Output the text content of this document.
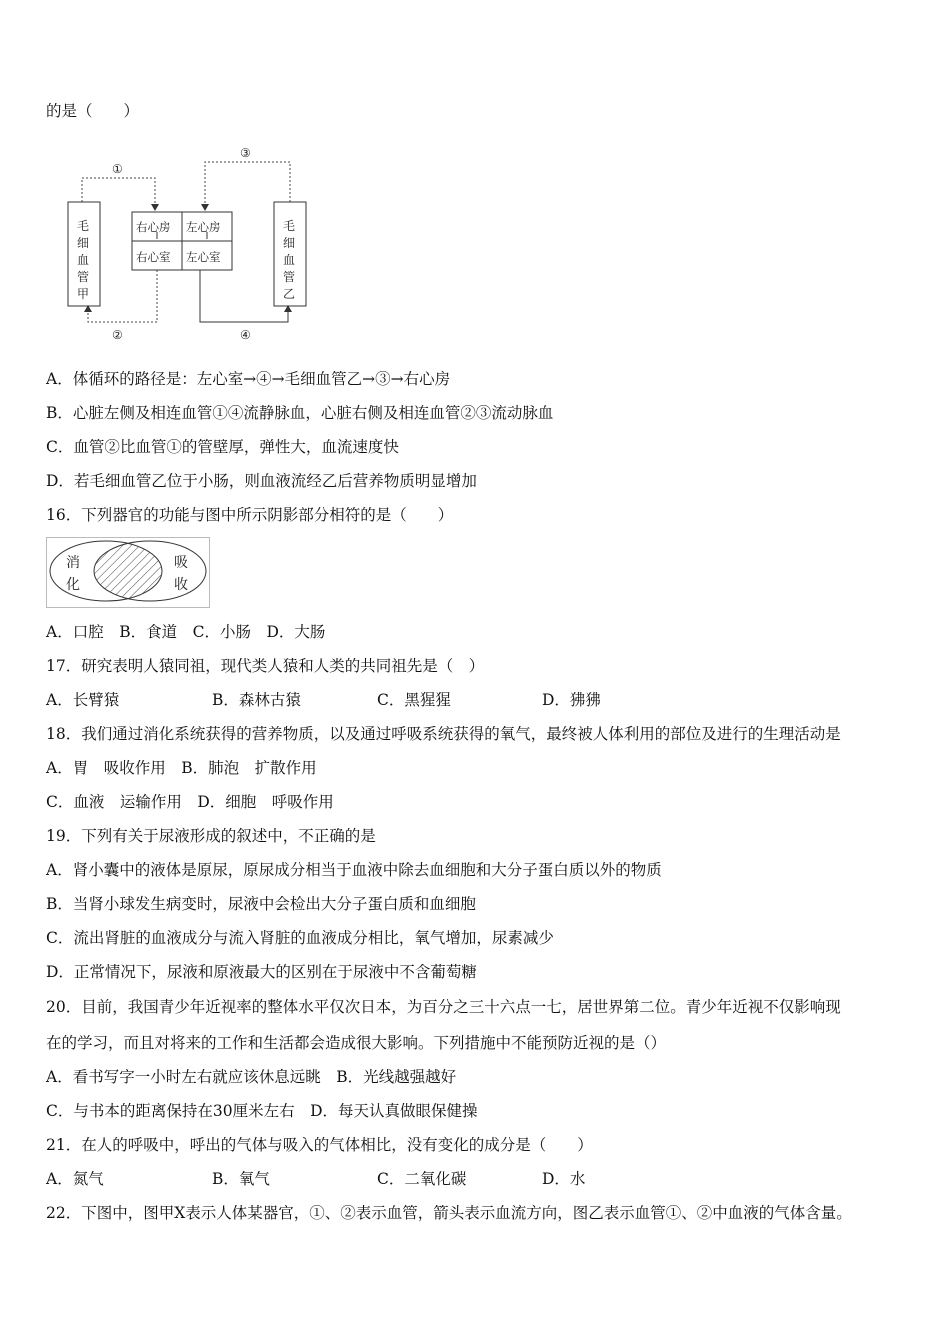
的是（　　）
①
②
③
④
右心房 左心房
右心室 左心室
毛
细
血
管
甲
毛
细
血
管
乙
A．体循环的路径是：左心室→④→毛细血管乙→③→右心房
B．心脏左侧及相连血管①④流静脉血，心脏右侧及相连血管②③流动脉血
C．血管②比血管①的管壁厚，弹性大，血流速度快
D．若毛细血管乙位于小肠，则血液流经乙后营养物质明显增加
16．下列器官的功能与图中所示阴影部分相符的是（　　）
消
化
吸
收
A．口腔　B．食道　C．小肠　D．大肠
17．研究表明人猿同祖，现代类人猿和人类的共同祖先是（　）
A．长臂猿	B．森林古猿	C．黑猩猩	D．狒狒
18．我们通过消化系统获得的营养物质，以及通过呼吸系统获得的氧气，最终被人体利用的部位及进行的生理活动是
A．胃　吸收作用　B．肺泡　扩散作用
C．血液　运输作用　D．细胞　呼吸作用
19．下列有关于尿液形成的叙述中，不正确的是
A．肾小囊中的液体是原尿，原尿成分相当于血液中除去血细胞和大分子蛋白质以外的物质
B．当肾小球发生病变时，尿液中会检出大分子蛋白质和血细胞
C．流出肾脏的血液成分与流入肾脏的血液成分相比，氧气增加，尿素减少
D．正常情况下，尿液和原液最大的区别在于尿液中不含葡萄糖
20．目前，我国青少年近视率的整体水平仅次日本，为百分之三十六点一七，居世界第二位。青少年近视不仅影响现
在的学习，而且对将来的工作和生活都会造成很大影响。下列措施中不能预防近视的是（）
A．看书写字一小时左右就应该休息远眺　B．光线越强越好
C．与书本的距离保持在30厘米左右　D．每天认真做眼保健操
21．在人的呼吸中，呼出的气体与吸入的气体相比，没有变化的成分是（　　）
A．氮气	B．氧气	C．二氧化碳	D．水
22．下图中，图甲X表示人体某器官，①、②表示血管，箭头表示血流方向，图乙表示血管①、②中血液的气体含量。
